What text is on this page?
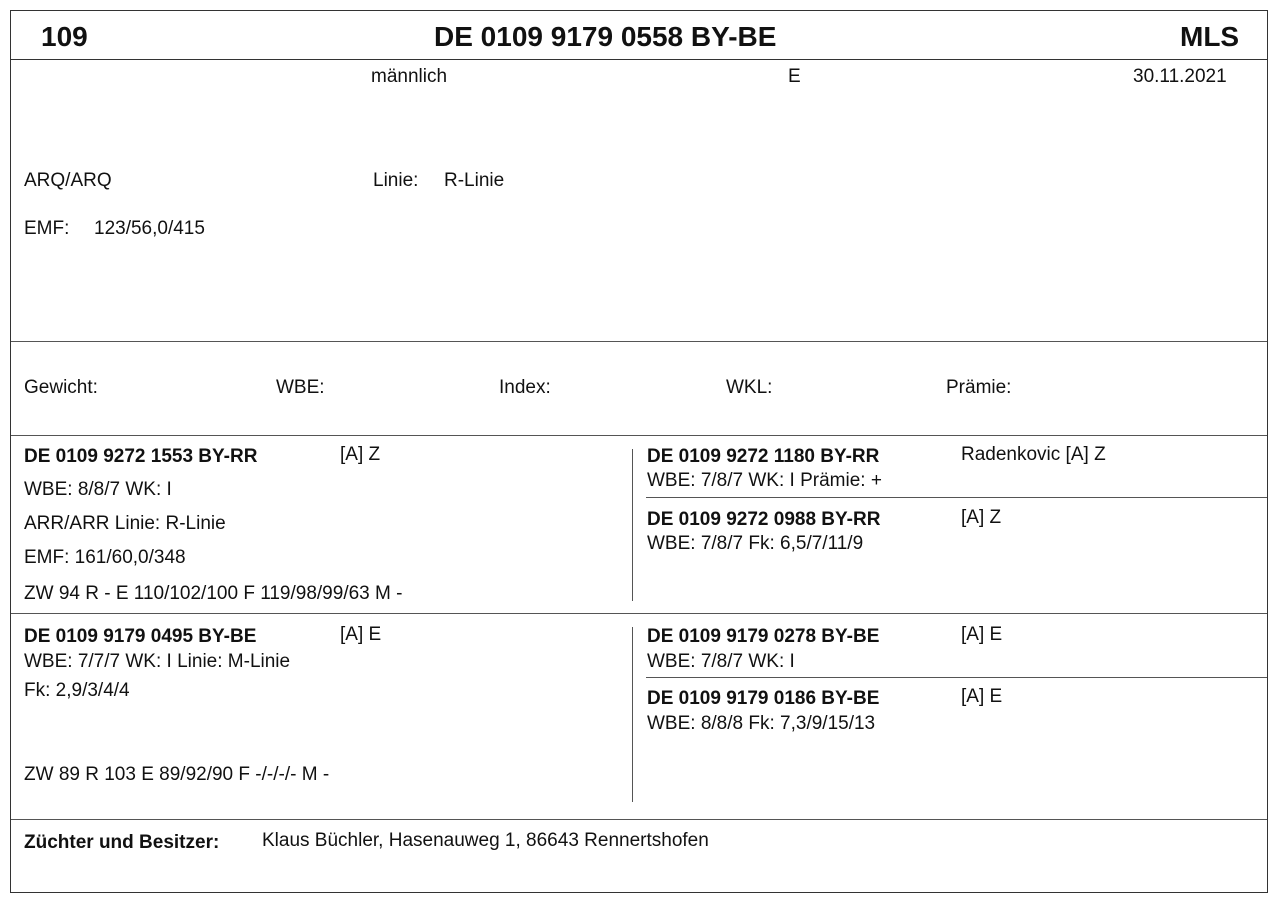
109	DE 0109 9179 0558 BY-BE	MLS
männlich	E	30.11.2021
ARQ/ARQ	Linie: R-Linie
EMF: 123/56,0/415
Gewicht:	WBE:	Index:	WKL:	Prämie:
DE 0109 9272 1553 BY-RR	[A] Z
WBE: 8/8/7 WK: I
ARR/ARR Linie: R-Linie
EMF: 161/60,0/348
ZW 94 R - E 110/102/100 F 119/98/99/63 M -
DE 0109 9272 1180 BY-RR	Radenkovic [A] Z
WBE: 7/8/7 WK: I Prämie: +
DE 0109 9272 0988 BY-RR	[A] Z
WBE: 7/8/7 Fk: 6,5/7/11/9
DE 0109 9179 0495 BY-BE	[A] E
WBE: 7/7/7 WK: I Linie: M-Linie
Fk: 2,9/3/4/4
ZW 89 R 103 E 89/92/90 F -/-/-/- M -
DE 0109 9179 0278 BY-BE	[A] E
WBE: 7/8/7 WK: I
DE 0109 9179 0186 BY-BE	[A] E
WBE: 8/8/8 Fk: 7,3/9/15/13
Züchter und Besitzer: Klaus Büchler, Hasenauweg 1, 86643 Rennertshofen
